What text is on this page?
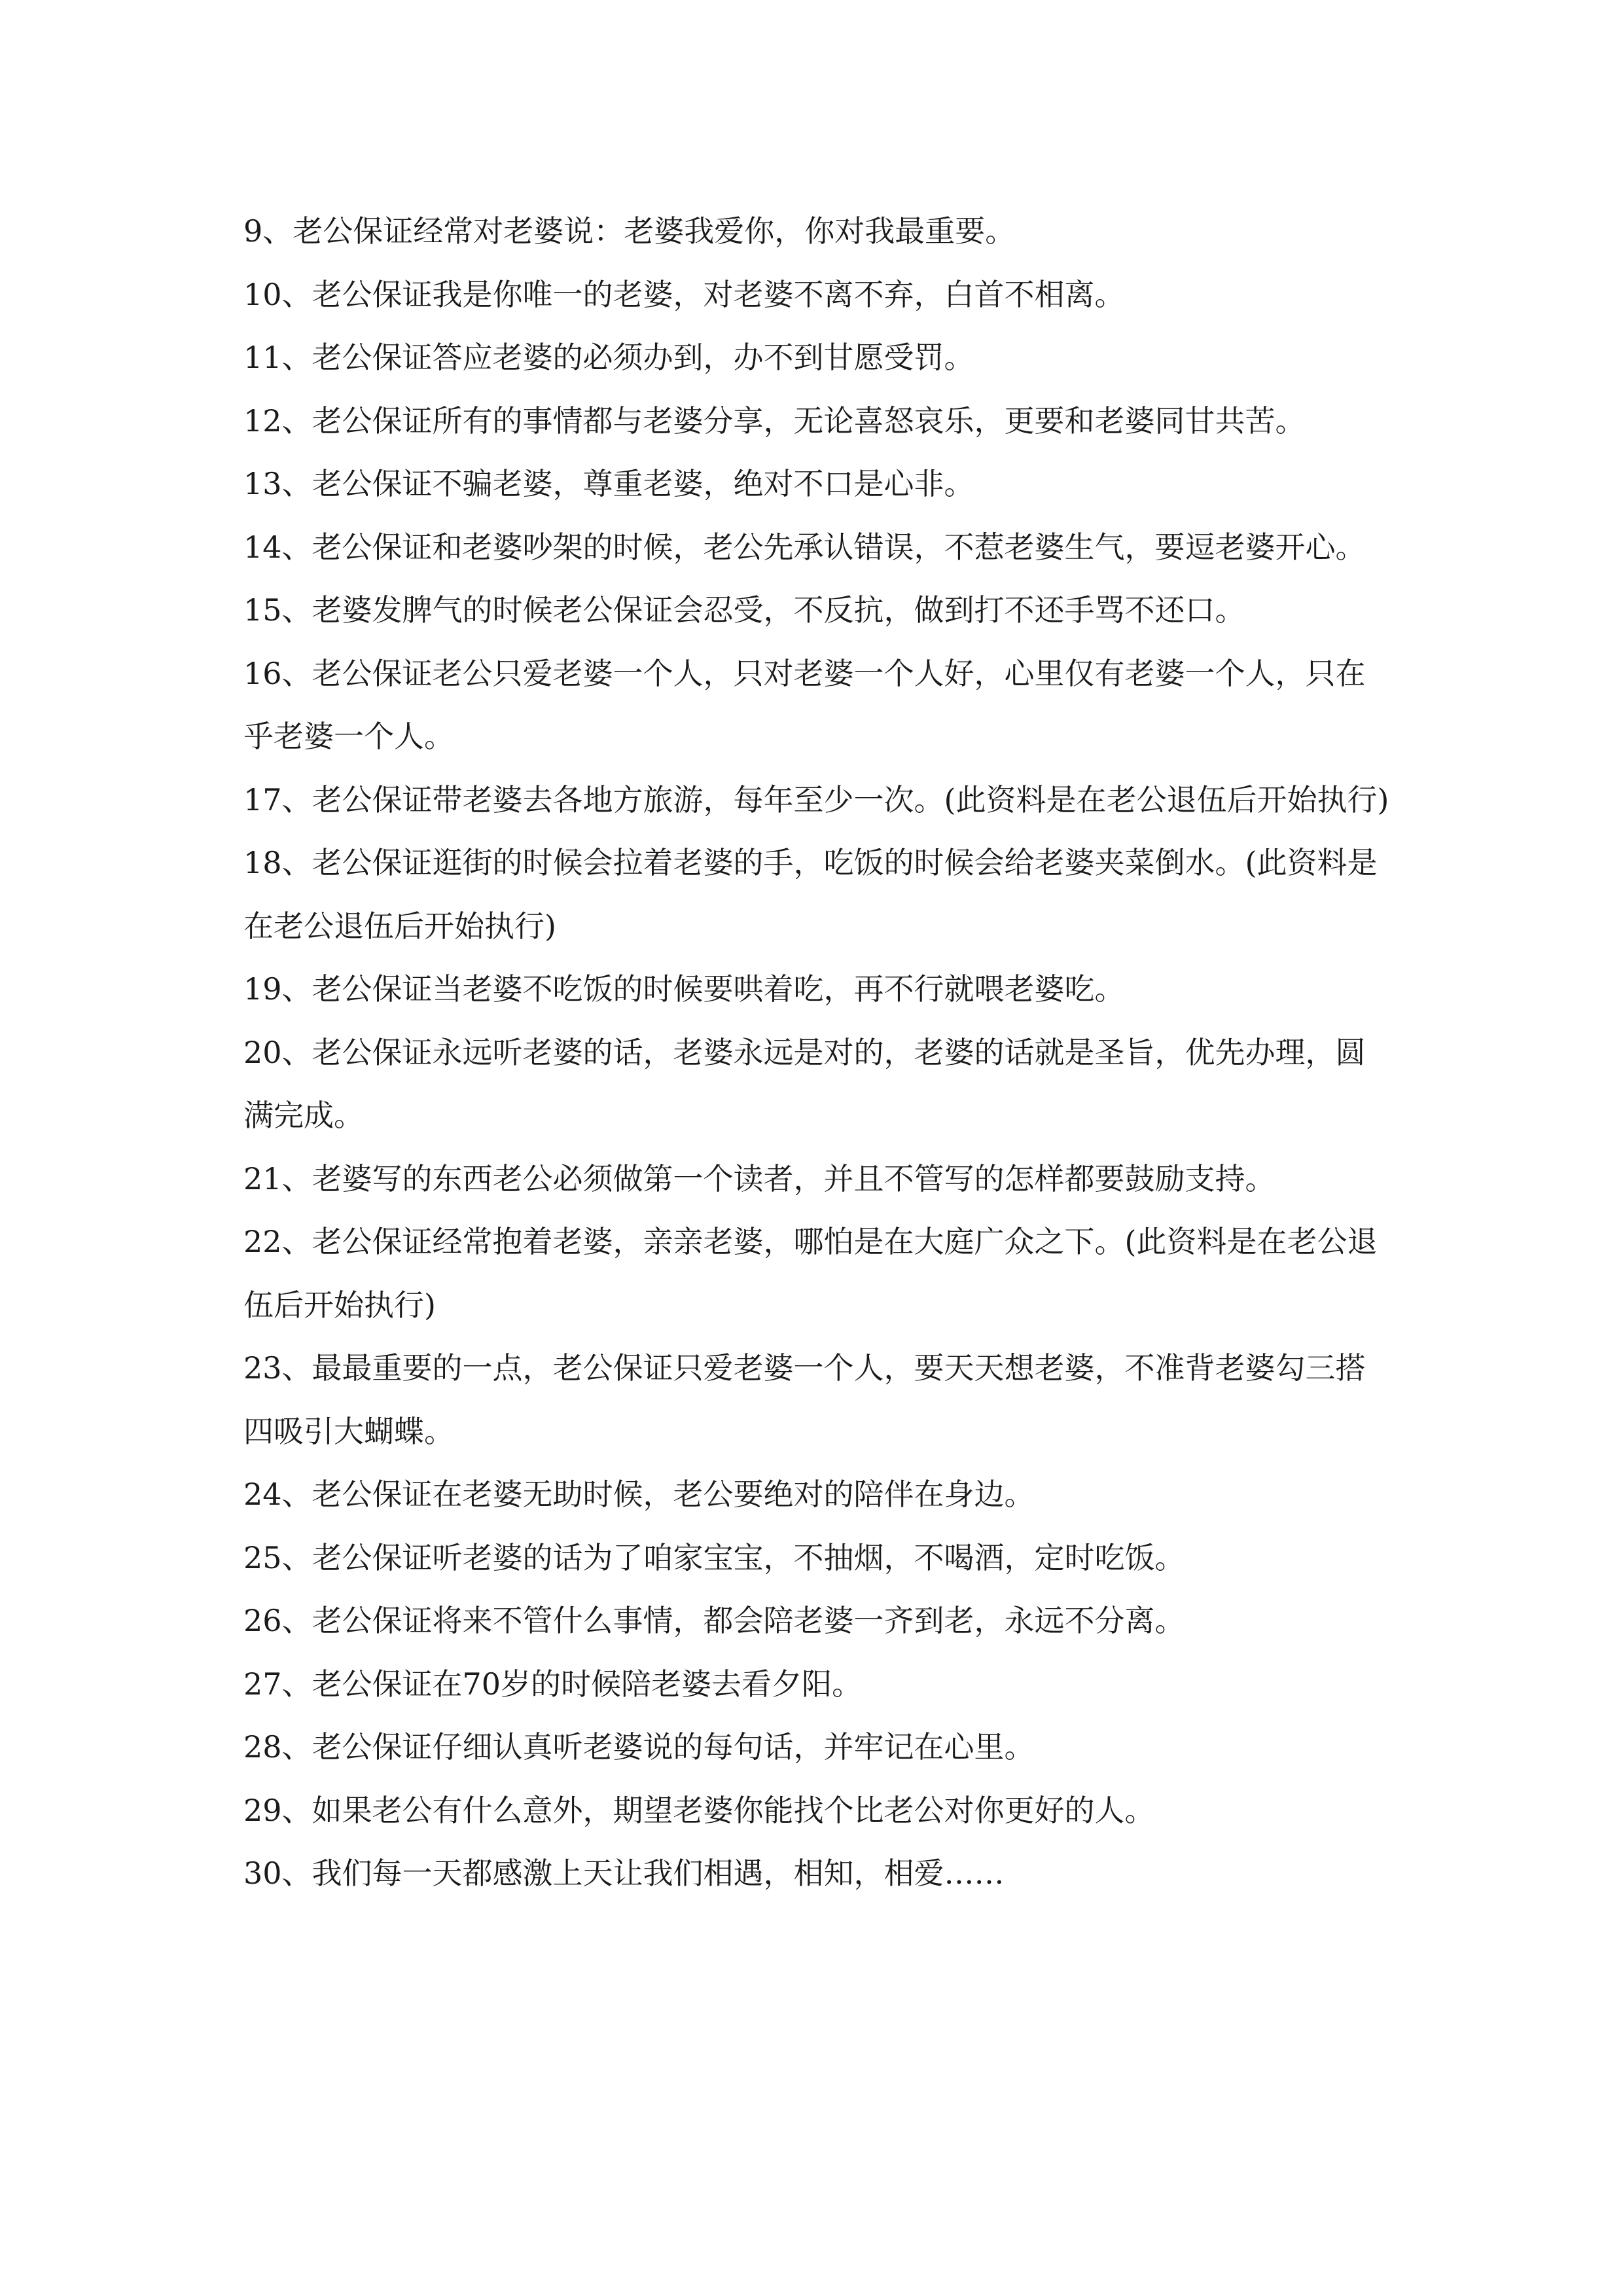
9、老公保证经常对老婆说：老婆我爱你，你对我最重要。

10、老公保证我是你唯一的老婆，对老婆不离不弃，白首不相离。

11、老公保证答应老婆的必须办到，办不到甘愿受罚。

12、老公保证所有的事情都与老婆分享，无论喜怒哀乐，更要和老婆同甘共苦。

13、老公保证不骗老婆，尊重老婆，绝对不口是心非。

14、老公保证和老婆吵架的时候，老公先承认错误，不惹老婆生气，要逗老婆开心。

15、老婆发脾气的时候老公保证会忍受，不反抗，做到打不还手骂不还口。

16、老公保证老公只爱老婆一个人，只对老婆一个人好，心里仅有老婆一个人，只在乎老婆一个人。

17、老公保证带老婆去各地方旅游，每年至少一次。(此资料是在老公退伍后开始执行)

18、老公保证逛街的时候会拉着老婆的手，吃饭的时候会给老婆夹菜倒水。(此资料是在老公退伍后开始执行)

19、老公保证当老婆不吃饭的时候要哄着吃，再不行就喂老婆吃。

20、老公保证永远听老婆的话，老婆永远是对的，老婆的话就是圣旨，优先办理，圆满完成。

21、老婆写的东西老公必须做第一个读者，并且不管写的怎样都要鼓励支持。

22、老公保证经常抱着老婆，亲亲老婆，哪怕是在大庭广众之下。(此资料是在老公退伍后开始执行)

23、最最重要的一点，老公保证只爱老婆一个人，要天天想老婆，不准背老婆勾三搭四吸引大蝴蝶。

24、老公保证在老婆无助时候，老公要绝对的陪伴在身边。

25、老公保证听老婆的话为了咱家宝宝，不抽烟，不喝酒，定时吃饭。

26、老公保证将来不管什么事情，都会陪老婆一齐到老，永远不分离。

27、老公保证在70岁的时候陪老婆去看夕阳。

28、老公保证仔细认真听老婆说的每句话，并牢记在心里。

29、如果老公有什么意外，期望老婆你能找个比老公对你更好的人。

30、我们每一天都感激上天让我们相遇，相知，相爱……
